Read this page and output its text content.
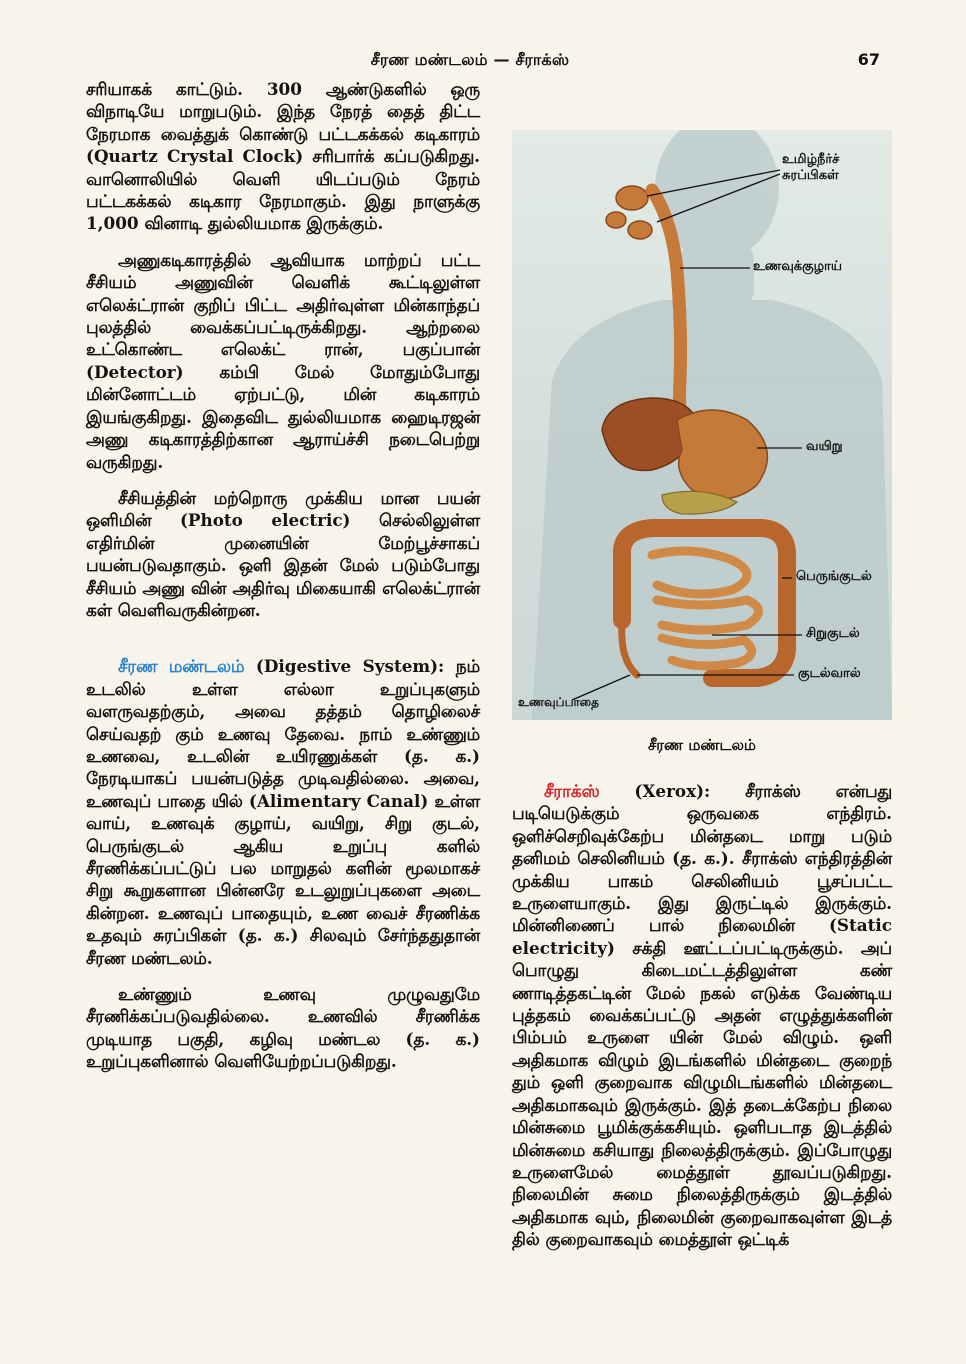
சீரண மண்டலம் — சீராக்ஸ்	67

சரியாகக் காட்டும். 300 ஆண்டுகளில் ஒரு விநாடியே மாறுபடும். இந்த நேரத் தைத் திட்ட நேரமாக வைத்துக் கொண்டு பட்டகக்கல் கடிகாரம் (Quartz Crystal Clock) சரிபார்க் கப்படுகிறது. வானொலியில் வெளி யிடப்படும் நேரம் பட்டகக்கல் கடிகார நேரமாகும். இது நாளுக்கு 1,000 வினாடி துல்லியமாக இருக்கும்.

அணுகடிகாரத்தில் ஆவியாக மாற்றப் பட்ட சீசியம் அணுவின் வெளிக் கூட்டிலுள்ள எலெக்ட்ரான் குறிப் பிட்ட அதிர்வுள்ள மின்காந்தப் புலத்தில் வைக்கப்பட்டிருக்கிறது. ஆற்றலை உட்கொண்ட எலெக்ட் ரான், பகுப்பான் (Detector) கம்பி மேல் மோதும்போது மின்னோட்டம் ஏற்பட்டு, மின் கடிகாரம் இயங்குகிறது. இதைவிட துல்லியமாக ஹைடிரஜன் அணு கடிகாரத்திற்கான ஆராய்ச்சி நடைபெற்று வருகிறது.

சீசியத்தின் மற்றொரு முக்கிய மான பயன் ஒளிமின் (Photo electric) செல்லிலுள்ள எதிர்மின் முனையின் மேற்பூச்சாகப் பயன்படுவதாகும். ஒளி இதன் மேல் படும்போது சீசியம் அணு வின் அதிர்வு மிகையாகி எலெக்ட்ரான் கள் வெளிவருகின்றன.

சீரண மண்டலம் (Digestive System): நம் உடலில் உள்ள எல்லா உறுப்புகளும் வளருவதற்கும், அவை தத்தம் தொழிலைச் செய்வதற் கும் உணவு தேவை. நாம் உண்ணும் உணவை, உடலின் உயிரணுக்கள் (த. க.) நேரடியாகப் பயன்படுத்த முடிவதில்லை. அவை, உணவுப் பாதை யில் (Alimentary Canal) உள்ள வாய், உணவுக் குழாய், வயிறு, சிறு குடல், பெருங்குடல் ஆகிய உறுப்பு களில் சீரணிக்கப்பட்டுப் பல மாறுதல் களின் மூலமாகச் சிறு கூறுகளான பின்னரே உடலுறுப்புகளை அடை கின்றன. உணவுப் பாதையும், உண வைச் சீரணிக்க உதவும் சுரப்பிகள் (த. க.) சிலவும் சேர்ந்ததுதான் சீரண மண்டலம்.

உண்ணும் உணவு முழுவதுமே சீரணிக்கப்படுவதில்லை. உணவில் சீரணிக்க முடியாத பகுதி, கழிவு மண்டல (த. க.) உறுப்புகளினால் வெளியேற்றப்படுகிறது.

உமிழ்நீர்ச் சுரப்பிகள்
உணவுக்குழாய்
வயிறு
பெருங்குடல்
சிறுகுடல்
குடல்வால்
உணவுப்பாதை
சீரண மண்டலம்

சீராக்ஸ் (Xerox): சீராக்ஸ் என்பது படியெடுக்கும் ஒருவகை எந்திரம். ஒளிச்செறிவுக்கேற்ப மின்தடை மாறு படும் தனிமம் செலினியம் (த. க.). சீராக்ஸ் எந்திரத்தின் முக்கிய பாகம் செலினியம் பூசப்பட்ட உருளையாகும். இது இருட்டில் இருக்கும். மின்னிணைப் பால் நிலைமின் (Static electricity) சக்தி ஊட்டப்பட்டிருக்கும். அப் பொழுது கிடைமட்டத்திலுள்ள கண் ணாடித்தகட்டின் மேல் நகல் எடுக்க வேண்டிய புத்தகம் வைக்கப்பட்டு அதன் எழுத்துக்களின் பிம்பம் உருளை யின் மேல் விழும். ஒளி அதிகமாக விழும் இடங்களில் மின்தடை குறைந் தும் ஒளி குறைவாக விழுமிடங்களில் மின்தடை அதிகமாகவும் இருக்கும். இத் தடைக்கேற்ப நிலை மின்சுமை பூமிக்குக்கசியும். ஒளிபடாத இடத்தில் மின்சுமை கசியாது நிலைத்திருக்கும். இப்போழுது உருளைமேல் மைத்தூள் தூவப்படுகிறது. நிலைமின் சுமை நிலைத்திருக்கும் இடத்தில் அதிகமாக வும், நிலைமின் குறைவாகவுள்ள இடத் தில் குறைவாகவும் மைத்தூள் ஒட்டிக்
